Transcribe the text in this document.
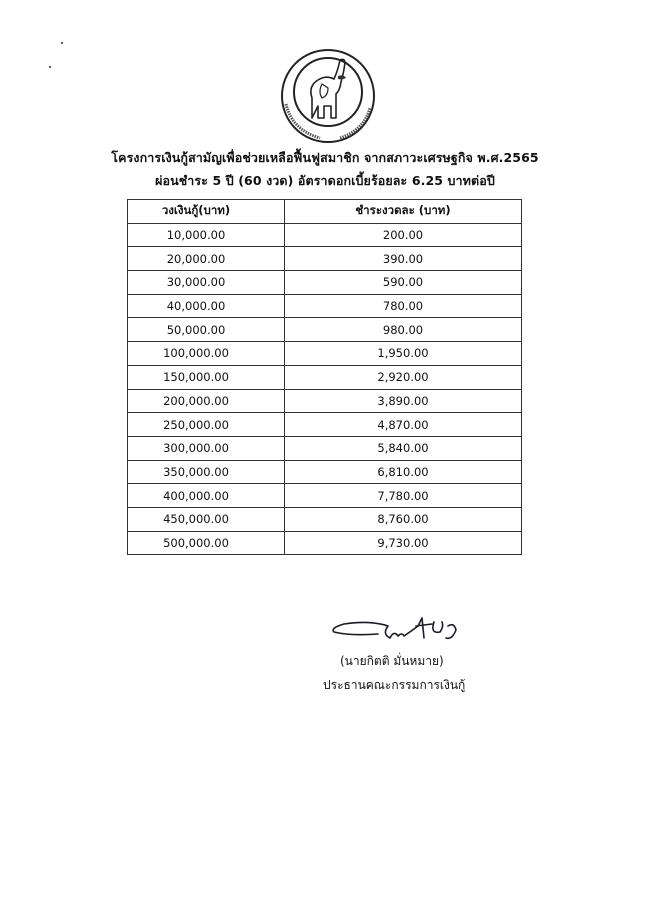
โครงการเงินกู้สามัญเพื่อช่วยเหลือฟื้นฟูสมาชิก จากสภาวะเศรษฐกิจ พ.ศ.2565
ผ่อนชำระ 5 ปี (60 งวด) อัตราดอกเบี้ยร้อยละ 6.25 บาทต่อปี
วงเงินกู้(บาท)	ชำระงวดละ (บาท)
10,000.00	200.00
20,000.00	390.00
30,000.00	590.00
40,000.00	780.00
50,000.00	980.00
100,000.00	1,950.00
150,000.00	2,920.00
200,000.00	3,890.00
250,000.00	4,870.00
300,000.00	5,840.00
350,000.00	6,810.00
400,000.00	7,780.00
450,000.00	8,760.00
500,000.00	9,730.00
(นายกิตติ มั่นหมาย)
ประธานคณะกรรมการเงินกู้
